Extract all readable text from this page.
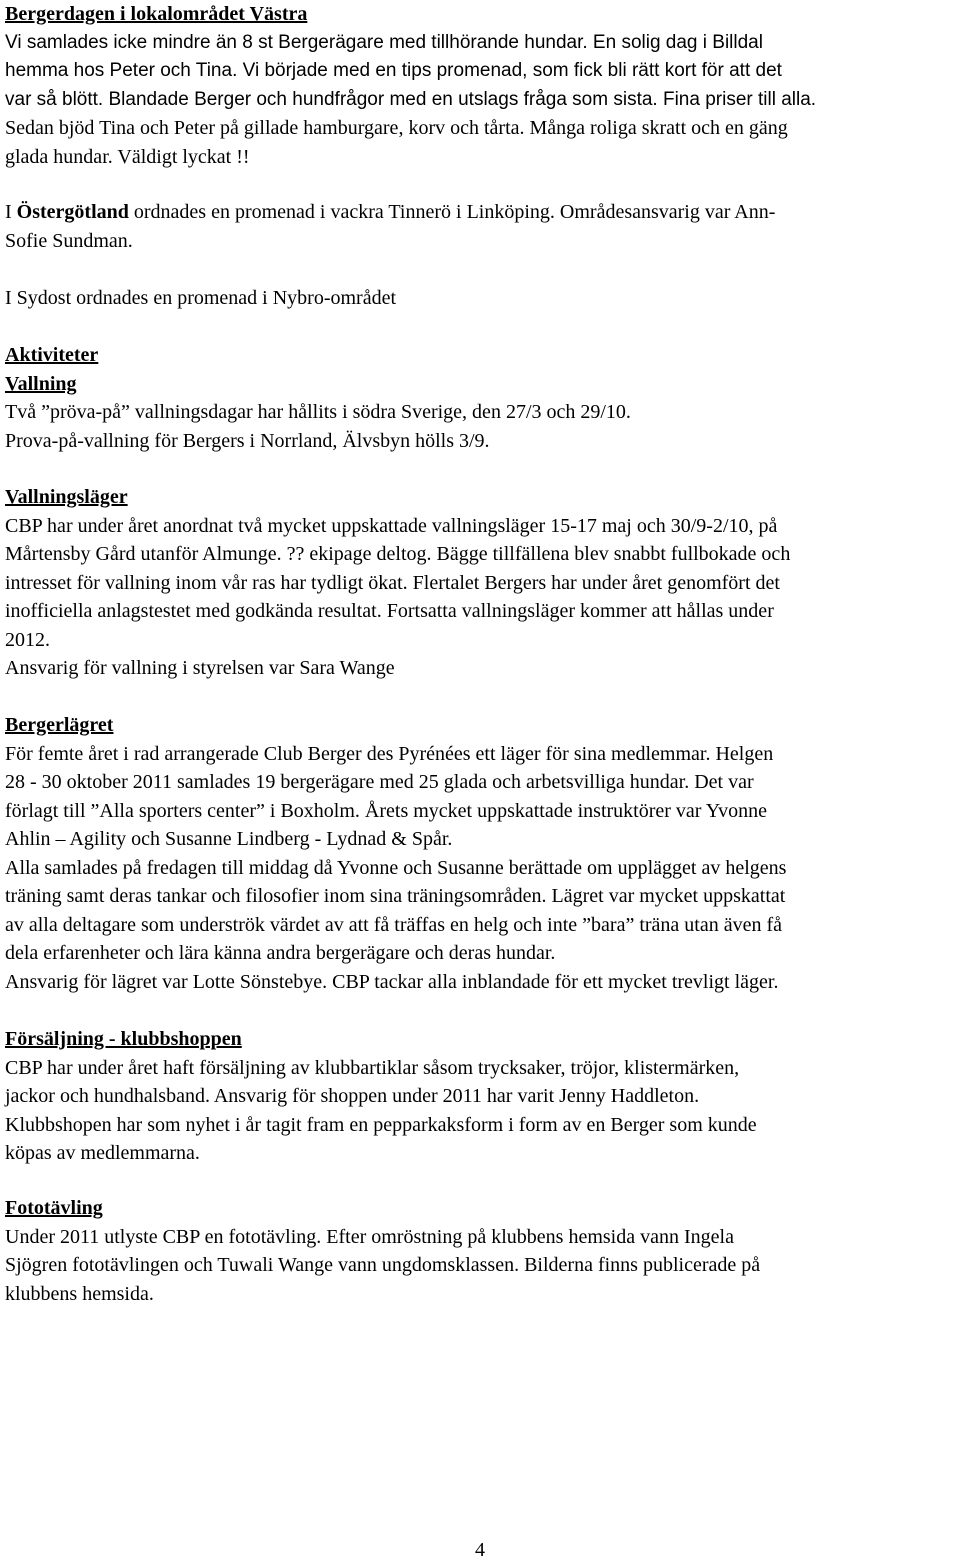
Bergerdagen i lokalområdet Västra
Vi samlades icke mindre än 8 st Bergerägare med tillhörande hundar. En solig dag i Billdal
hemma hos Peter och Tina. Vi började med en tips promenad, som fick bli rätt kort för att det
var så blött. Blandade Berger och hundfrågor med en utslags fråga som sista. Fina priser till alla.
Sedan bjöd Tina och Peter på gillade hamburgare, korv och tårta. Många roliga skratt och en gäng
glada hundar. Väldigt lyckat !!
I Östergötland ordnades en promenad i vackra Tinnerö i Linköping. Områdesansvarig var Ann-
Sofie Sundman.
I Sydost ordnades en promenad i Nybro-området
Aktiviteter
Vallning
Två ”pröva-på” vallningsdagar har hållits i södra Sverige, den 27/3 och 29/10.
Prova-på-vallning för Bergers i Norrland, Älvsbyn hölls 3/9.
Vallningsläger
CBP har under året anordnat två mycket uppskattade vallningsläger 15-17 maj och 30/9-2/10, på
Mårtensby Gård utanför Almunge. ?? ekipage deltog. Bägge tillfällena blev snabbt fullbokade och
intresset för vallning inom vår ras har tydligt ökat. Flertalet Bergers har under året genomfört det
inofficiella anlagstestet med godkända resultat. Fortsatta vallningsläger kommer att hållas under
2012.
Ansvarig för vallning i styrelsen var Sara Wange
Bergerlägret
För femte året i rad arrangerade Club Berger des Pyrénées ett läger för sina medlemmar. Helgen
28 - 30 oktober 2011 samlades 19 bergerägare med 25 glada och arbetsvilliga hundar. Det var
förlagt till ”Alla sporters center” i Boxholm. Årets mycket uppskattade instruktörer var Yvonne
Ahlin – Agility och Susanne Lindberg - Lydnad & Spår.
Alla samlades på fredagen till middag då Yvonne och Susanne berättade om upplägget av helgens
träning samt deras tankar och filosofier inom sina träningsområden. Lägret var mycket uppskattat
av alla deltagare som underströk värdet av att få träffas en helg och inte ”bara” träna utan även få
dela erfarenheter och lära känna andra bergerägare och deras hundar.
Ansvarig för lägret var Lotte Sönstebye. CBP tackar alla inblandade för ett mycket trevligt läger.
Försäljning - klubbshoppen
CBP har under året haft försäljning av klubbartiklar såsom trycksaker, tröjor, klistermärken,
jackor och hundhalsband. Ansvarig för shoppen under 2011 har varit Jenny Haddleton.
Klubbshopen har som nyhet i år tagit fram en pepparkaksform i form av en Berger som kunde
köpas av medlemmarna.
Fototävling
Under 2011 utlyste CBP en fototävling. Efter omröstning på klubbens hemsida vann Ingela
Sjögren fototävlingen och Tuwali Wange vann ungdomsklassen. Bilderna finns publicerade på
klubbens hemsida.
4
